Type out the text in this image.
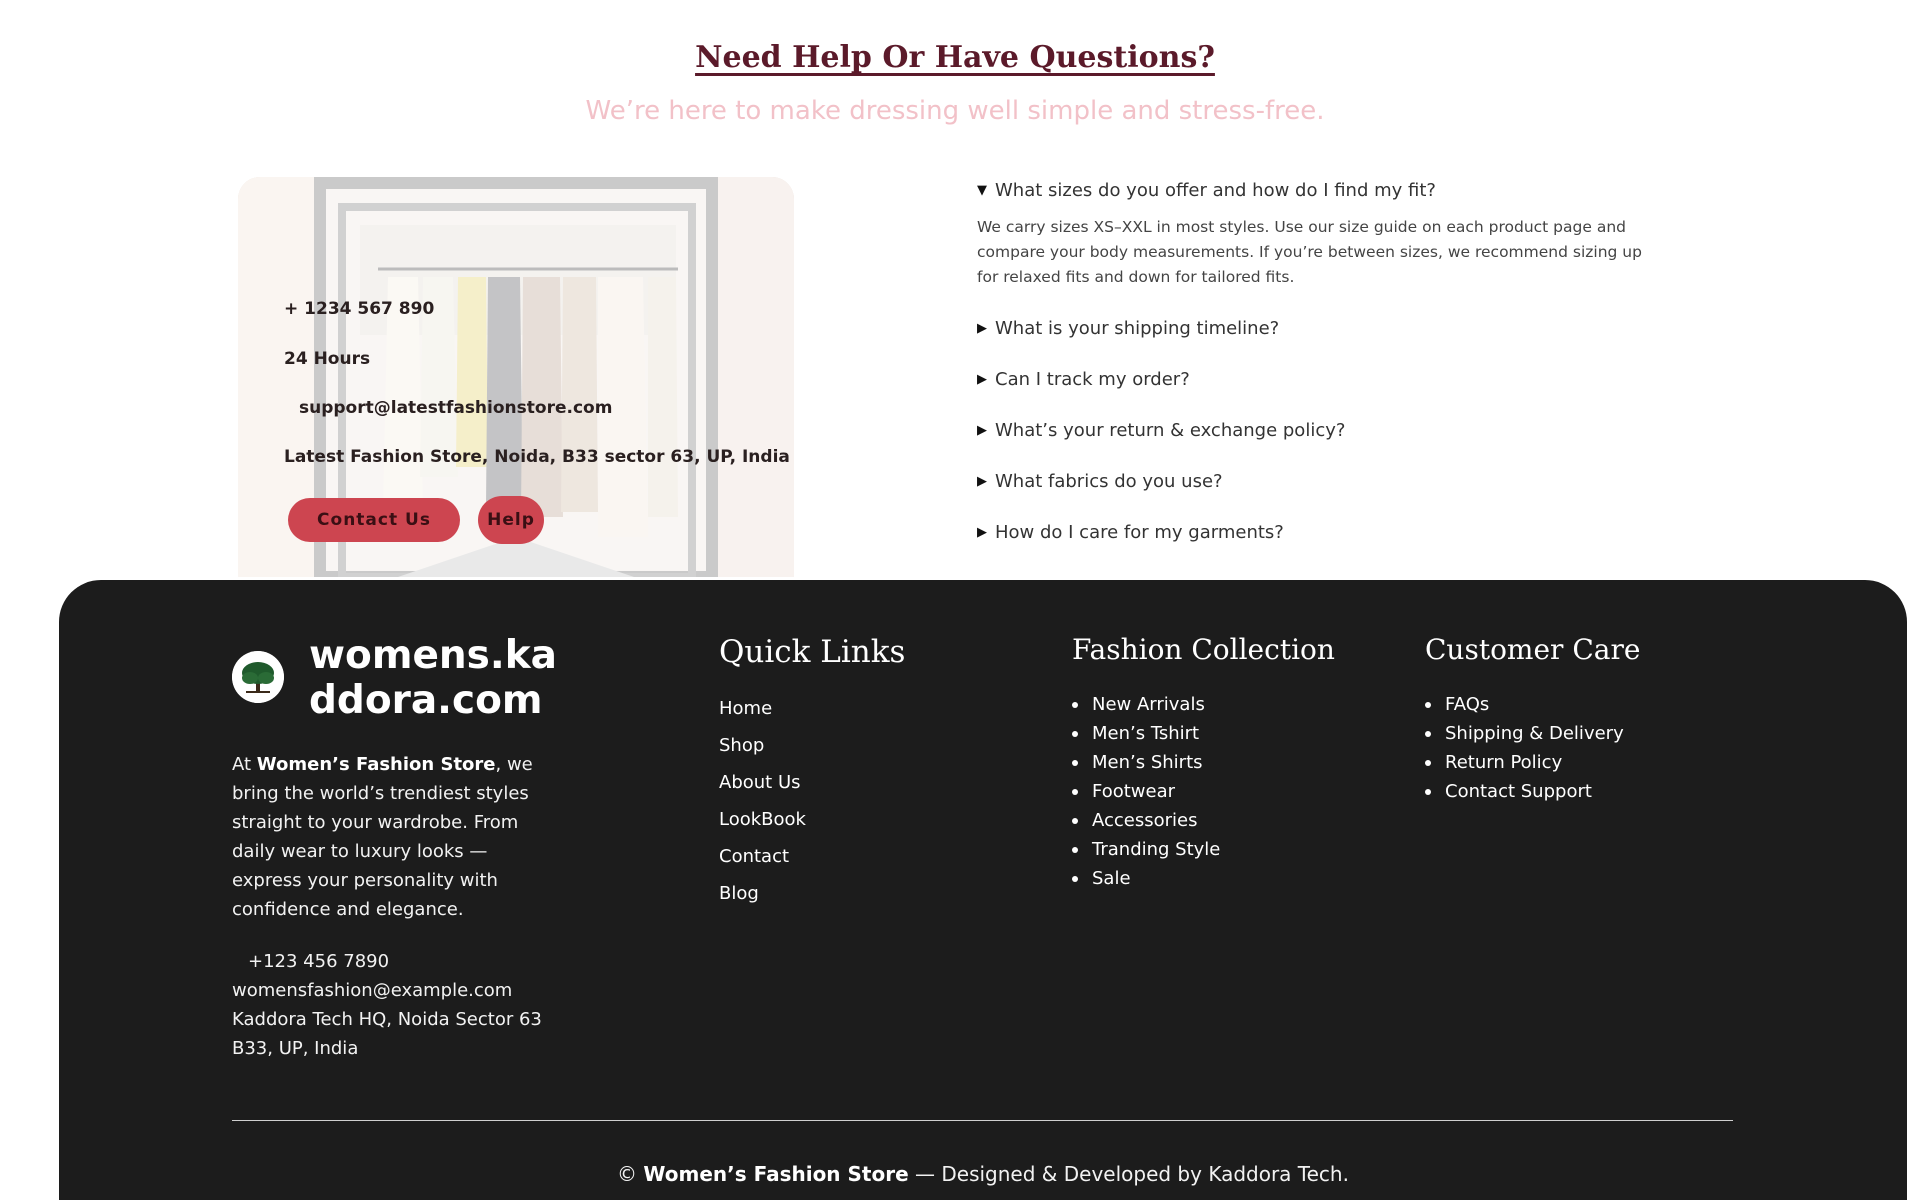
Need Help Or Have Questions?
We’re here to make dressing well simple and stress-free.
+ 1234 567 890
24 Hours
support@latestfashionstore.com
Latest Fashion Store, Noida, B33 sector 63, UP, India
Contact Us	Help
▼ What sizes do you offer and how do I find my fit?
We carry sizes XS–XXL in most styles. Use our size guide on each product page and compare your body measurements. If you’re between sizes, we recommend sizing up for relaxed fits and down for tailored fits.
▶ What is your shipping timeline?
▶ Can I track my order?
▶ What’s your return & exchange policy?
▶ What fabrics do you use?
▶ How do I care for my garments?
womens.kaddora.com
At Women’s Fashion Store, we bring the world’s trendiest styles straight to your wardrobe. From daily wear to luxury looks — express your personality with confidence and elegance.
+123 456 7890
womensfashion@example.com
Kaddora Tech HQ, Noida Sector 63
B33, UP, India
Quick Links
Home
Shop
About Us
LookBook
Contact
Blog
Fashion Collection
New Arrivals
Men’s Tshirt
Men’s Shirts
Footwear
Accessories
Tranding Style
Sale
Customer Care
FAQs
Shipping & Delivery
Return Policy
Contact Support
© Women’s Fashion Store — Designed & Developed by Kaddora Tech.
